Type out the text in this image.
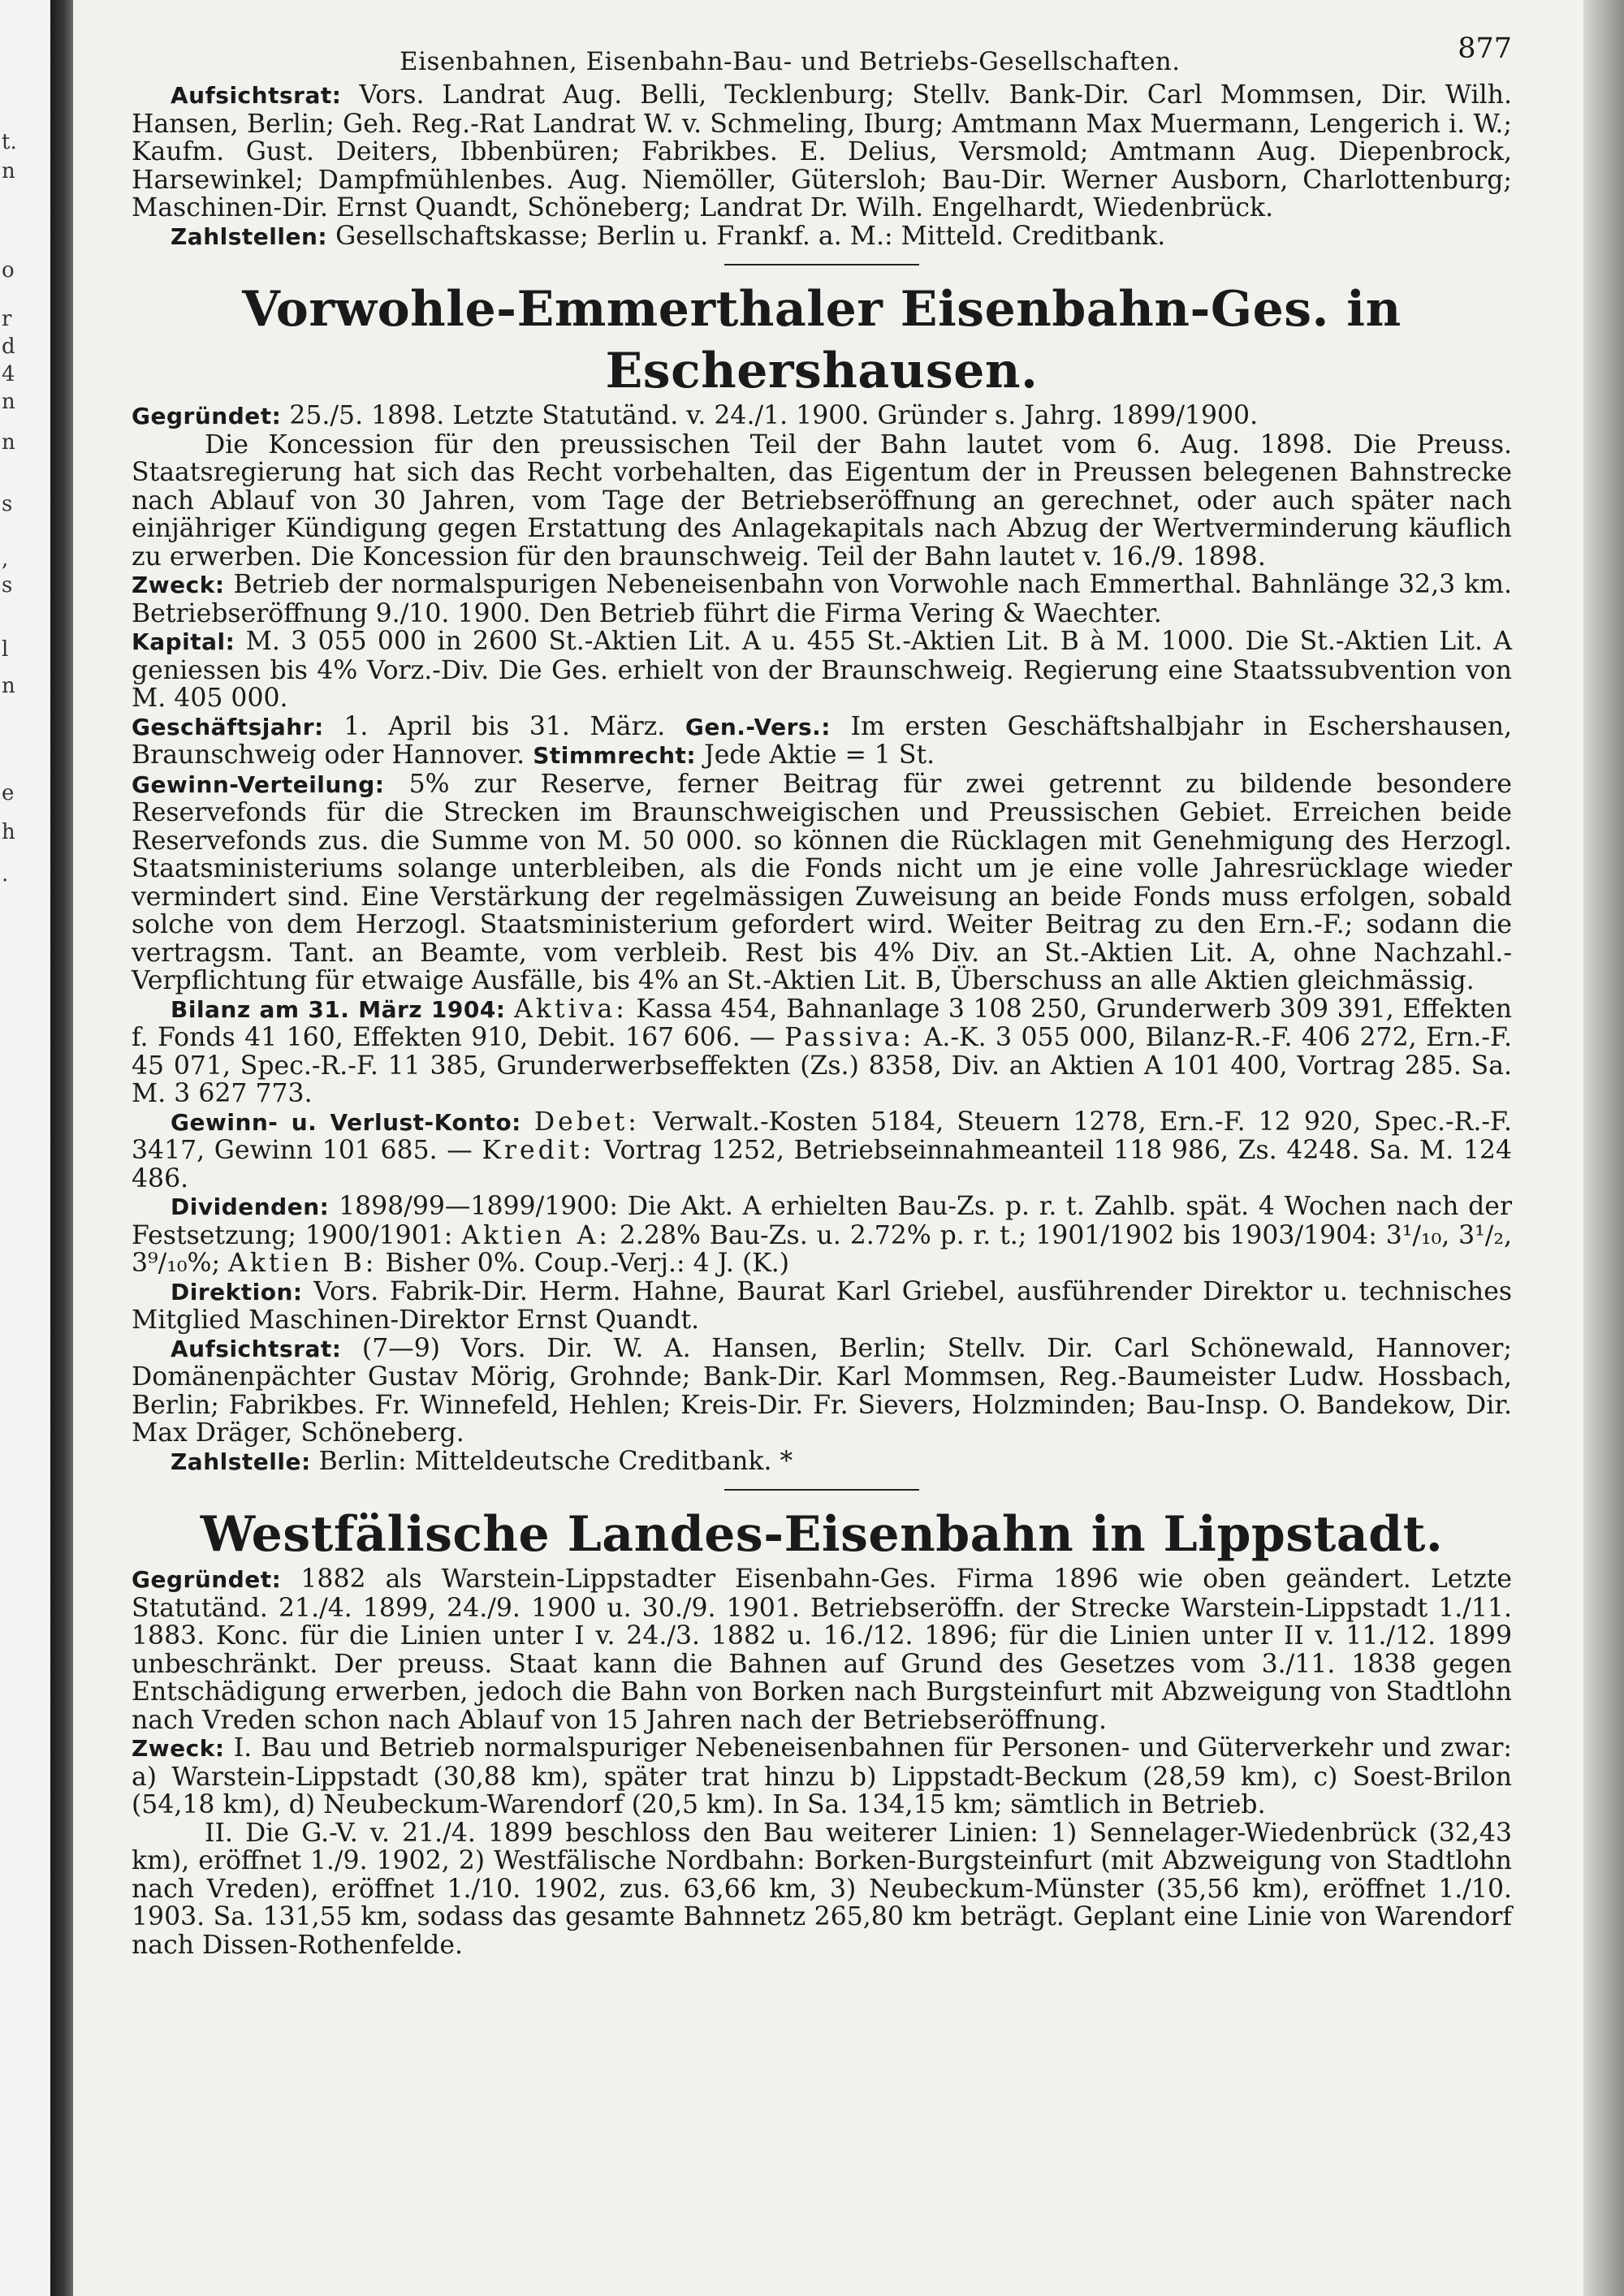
t.
n
o
r
d
4
n
n
s
,
s
l
n
e
h
.
Eisenbahnen, Eisenbahn-Bau- und Betriebs-Gesellschaften.	877

Aufsichtsrat: Vors. Landrat Aug. Belli, Tecklenburg; Stellv. Bank-Dir. Carl Mommsen, Dir. Wilh. Hansen, Berlin; Geh. Reg.-Rat Landrat W. v. Schmeling, Iburg; Amtmann Max Muermann, Lengerich i. W.; Kaufm. Gust. Deiters, Ibbenbüren; Fabrikbes. E. Delius, Versmold; Amtmann Aug. Diepenbrock, Harsewinkel; Dampfmühlenbes. Aug. Niemöller, Gütersloh; Bau-Dir. Werner Ausborn, Charlottenburg; Maschinen-Dir. Ernst Quandt, Schöneberg; Landrat Dr. Wilh. Engelhardt, Wiedenbrück.

Zahlstellen: Gesellschaftskasse; Berlin u. Frankf. a. M.: Mitteld. Creditbank.

Vorwohle-Emmerthaler Eisenbahn-Ges. in Eschershausen.

Gegründet: 25./5. 1898. Letzte Statutänd. v. 24./1. 1900. Gründer s. Jahrg. 1899/1900.

Die Koncession für den preussischen Teil der Bahn lautet vom 6. Aug. 1898. Die Preuss. Staatsregierung hat sich das Recht vorbehalten, das Eigentum der in Preussen belegenen Bahnstrecke nach Ablauf von 30 Jahren, vom Tage der Betriebseröffnung an gerechnet, oder auch später nach einjähriger Kündigung gegen Erstattung des Anlagekapitals nach Abzug der Wertverminderung käuflich zu erwerben. Die Koncession für den braunschweig. Teil der Bahn lautet v. 16./9. 1898.

Zweck: Betrieb der normalspurigen Nebeneisenbahn von Vorwohle nach Emmerthal. Bahnlänge 32,3 km. Betriebseröffnung 9./10. 1900. Den Betrieb führt die Firma Vering & Waechter.

Kapital: M. 3 055 000 in 2600 St.-Aktien Lit. A u. 455 St.-Aktien Lit. B à M. 1000. Die St.-Aktien Lit. A geniessen bis 4% Vorz.-Div. Die Ges. erhielt von der Braunschweig. Regierung eine Staatssubvention von M. 405 000.

Geschäftsjahr: 1. April bis 31. März. Gen.-Vers.: Im ersten Geschäftshalbjahr in Eschershausen, Braunschweig oder Hannover. Stimmrecht: Jede Aktie = 1 St.

Gewinn-Verteilung: 5% zur Reserve, ferner Beitrag für zwei getrennt zu bildende besondere Reservefonds für die Strecken im Braunschweigischen und Preussischen Gebiet. Erreichen beide Reservefonds zus. die Summe von M. 50 000. so können die Rücklagen mit Genehmigung des Herzogl. Staatsministeriums solange unterbleiben, als die Fonds nicht um je eine volle Jahresrücklage wieder vermindert sind. Eine Verstärkung der regelmässigen Zuweisung an beide Fonds muss erfolgen, sobald solche von dem Herzogl. Staatsministerium gefordert wird. Weiter Beitrag zu den Ern.-F.; sodann die vertragsm. Tant. an Beamte, vom verbleib. Rest bis 4% Div. an St.-Aktien Lit. A, ohne Nachzahl.-Verpflichtung für etwaige Ausfälle, bis 4% an St.-Aktien Lit. B, Überschuss an alle Aktien gleichmässig.

Bilanz am 31. März 1904: Aktiva: Kassa 454, Bahnanlage 3 108 250, Grunderwerb 309 391, Effekten f. Fonds 41 160, Effekten 910, Debit. 167 606. — Passiva: A.-K. 3 055 000, Bilanz-R.-F. 406 272, Ern.-F. 45 071, Spec.-R.-F. 11 385, Grunderwerbseffekten (Zs.) 8358, Div. an Aktien A 101 400, Vortrag 285. Sa. M. 3 627 773.

Gewinn- u. Verlust-Konto: Debet: Verwalt.-Kosten 5184, Steuern 1278, Ern.-F. 12 920, Spec.-R.-F. 3417, Gewinn 101 685. — Kredit: Vortrag 1252, Betriebseinnahmeanteil 118 986, Zs. 4248. Sa. M. 124 486.

Dividenden: 1898/99—1899/1900: Die Akt. A erhielten Bau-Zs. p. r. t. Zahlb. spät. 4 Wochen nach der Festsetzung; 1900/1901: Aktien A: 2.28% Bau-Zs. u. 2.72% p. r. t.; 1901/1902 bis 1903/1904: 3¹/₁₀, 3¹/₂, 3⁹/₁₀%; Aktien B: Bisher 0%. Coup.-Verj.: 4 J. (K.)

Direktion: Vors. Fabrik-Dir. Herm. Hahne, Baurat Karl Griebel, ausführender Direktor u. technisches Mitglied Maschinen-Direktor Ernst Quandt.

Aufsichtsrat: (7—9) Vors. Dir. W. A. Hansen, Berlin; Stellv. Dir. Carl Schönewald, Hannover; Domänenpächter Gustav Mörig, Grohnde; Bank-Dir. Karl Mommsen, Reg.-Baumeister Ludw. Hossbach, Berlin; Fabrikbes. Fr. Winnefeld, Hehlen; Kreis-Dir. Fr. Sievers, Holzminden; Bau-Insp. O. Bandekow, Dir. Max Dräger, Schöneberg.

Zahlstelle: Berlin: Mitteldeutsche Creditbank. *

Westfälische Landes-Eisenbahn in Lippstadt.

Gegründet: 1882 als Warstein-Lippstadter Eisenbahn-Ges. Firma 1896 wie oben geändert. Letzte Statutänd. 21./4. 1899, 24./9. 1900 u. 30./9. 1901. Betriebseröffn. der Strecke Warstein-Lippstadt 1./11. 1883. Konc. für die Linien unter I v. 24./3. 1882 u. 16./12. 1896; für die Linien unter II v. 11./12. 1899 unbeschränkt. Der preuss. Staat kann die Bahnen auf Grund des Gesetzes vom 3./11. 1838 gegen Entschädigung erwerben, jedoch die Bahn von Borken nach Burgsteinfurt mit Abzweigung von Stadtlohn nach Vreden schon nach Ablauf von 15 Jahren nach der Betriebseröffnung.

Zweck: I. Bau und Betrieb normalspuriger Nebeneisenbahnen für Personen- und Güterverkehr und zwar: a) Warstein-Lippstadt (30,88 km), später trat hinzu b) Lippstadt-Beckum (28,59 km), c) Soest-Brilon (54,18 km), d) Neubeckum-Warendorf (20,5 km). In Sa. 134,15 km; sämtlich in Betrieb.

II. Die G.-V. v. 21./4. 1899 beschloss den Bau weiterer Linien: 1) Sennelager-Wiedenbrück (32,43 km), eröffnet 1./9. 1902, 2) Westfälische Nordbahn: Borken-Burgsteinfurt (mit Abzweigung von Stadtlohn nach Vreden), eröffnet 1./10. 1902, zus. 63,66 km, 3) Neubeckum-Münster (35,56 km), eröffnet 1./10. 1903. Sa. 131,55 km, sodass das gesamte Bahnnetz 265,80 km beträgt. Geplant eine Linie von Warendorf nach Dissen-Rothenfelde.
